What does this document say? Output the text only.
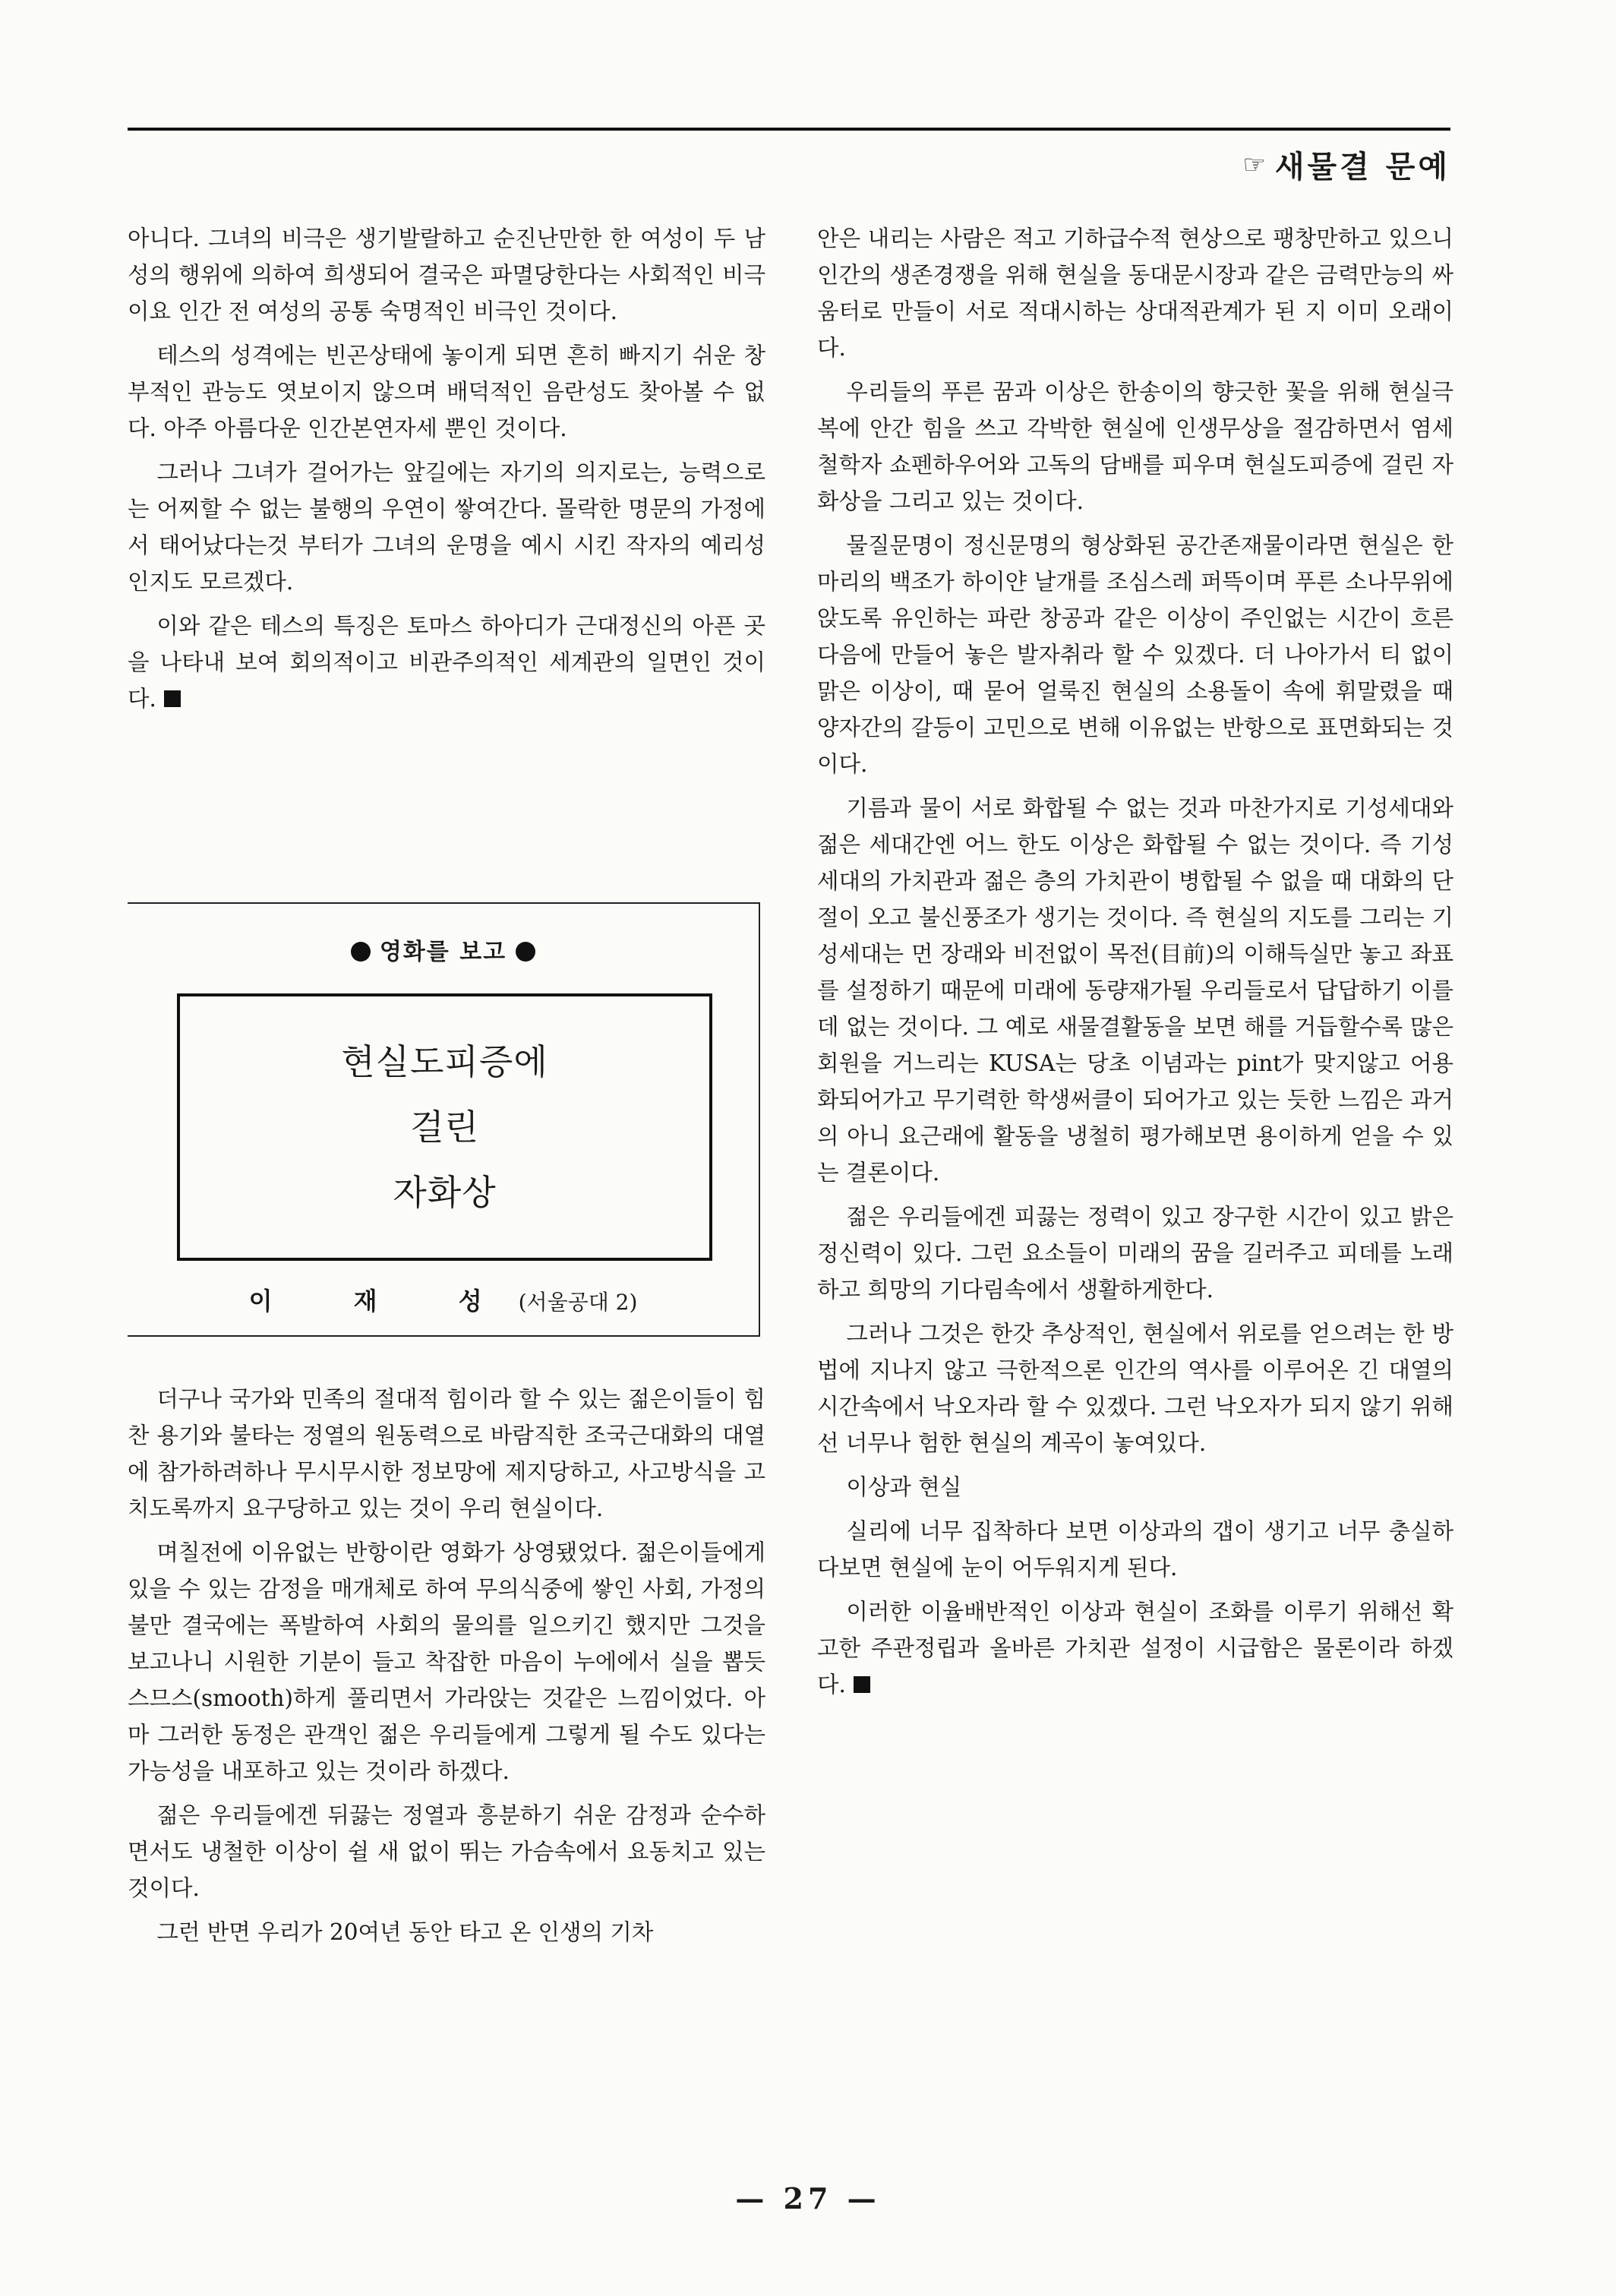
☞ 새물결 문예

아니다. 그녀의 비극은 생기발랄하고 순진난만한 한 여성이 두 남성의 행위에 의하여 희생되어 결국은 파멸당한다는 사회적인 비극이요 인간 전 여성의 공통 숙명적인 비극인 것이다.

테스의 성격에는 빈곤상태에 놓이게 되면 흔히 빠지기 쉬운 창부적인 관능도 엿보이지 않으며 배덕적인 음란성도 찾아볼 수 없다. 아주 아름다운 인간본연자세 뿐인 것이다.

그러나 그녀가 걸어가는 앞길에는 자기의 의지로는, 능력으로는 어찌할 수 없는 불행의 우연이 쌓여간다. 몰락한 명문의 가정에서 태어났다는것 부터가 그녀의 운명을 예시 시킨 작자의 예리성 인지도 모르겠다.

이와 같은 테스의 특징은 토마스 하아디가 근대정신의 아픈 곳을 나타내 보여 회의적이고 비관주의적인 세계관의 일면인 것이다.

영화를 보고
현실도피증에
걸린
자화상
이 재 성(서울공대 2)

더구나 국가와 민족의 절대적 힘이라 할 수 있는 젊은이들이 힘찬 용기와 불타는 정열의 원동력으로 바람직한 조국근대화의 대열에 참가하려하나 무시무시한 정보망에 제지당하고, 사고방식을 고치도록까지 요구당하고 있는 것이 우리 현실이다.

며칠전에 이유없는 반항이란 영화가 상영됐었다. 젊은이들에게 있을 수 있는 감정을 매개체로 하여 무의식중에 쌓인 사회, 가정의 불만 결국에는 폭발하여 사회의 물의를 일으키긴 했지만 그것을 보고나니 시원한 기분이 들고 착잡한 마음이 누에에서 실을 뽑듯 스므스(smooth)하게 풀리면서 가라앉는 것같은 느낌이었다. 아마 그러한 동정은 관객인 젊은 우리들에게 그렇게 될 수도 있다는 가능성을 내포하고 있는 것이라 하겠다.

젊은 우리들에겐 뒤끓는 정열과 흥분하기 쉬운 감정과 순수하면서도 냉철한 이상이 쉴 새 없이 뛰는 가슴속에서 요동치고 있는 것이다.

그런 반면 우리가 20여년 동안 타고 온 인생의 기차

안은 내리는 사람은 적고 기하급수적 현상으로 팽창만하고 있으니 인간의 생존경쟁을 위해 현실을 동대문시장과 같은 금력만능의 싸움터로 만들이 서로 적대시하는 상대적관계가 된 지 이미 오래이다.

우리들의 푸른 꿈과 이상은 한송이의 향긋한 꽃을 위해 현실극복에 안간 힘을 쓰고 각박한 현실에 인생무상을 절감하면서 염세철학자 쇼펜하우어와 고독의 담배를 피우며 현실도피증에 걸린 자화상을 그리고 있는 것이다.

물질문명이 정신문명의 형상화된 공간존재물이라면 현실은 한마리의 백조가 하이얀 날개를 조심스레 퍼뜩이며 푸른 소나무위에 앉도록 유인하는 파란 창공과 같은 이상이 주인없는 시간이 흐른 다음에 만들어 놓은 발자취라 할 수 있겠다. 더 나아가서 티 없이 맑은 이상이, 때 묻어 얼룩진 현실의 소용돌이 속에 휘말렸을 때 양자간의 갈등이 고민으로 변해 이유없는 반항으로 표면화되는 것이다.

기름과 물이 서로 화합될 수 없는 것과 마찬가지로 기성세대와 젊은 세대간엔 어느 한도 이상은 화합될 수 없는 것이다. 즉 기성세대의 가치관과 젊은 층의 가치관이 병합될 수 없을 때 대화의 단절이 오고 불신풍조가 생기는 것이다. 즉 현실의 지도를 그리는 기성세대는 먼 장래와 비전없이 목전(目前)의 이해득실만 놓고 좌표를 설정하기 때문에 미래에 동량재가될 우리들로서 답답하기 이를 데 없는 것이다. 그 예로 새물결활동을 보면 해를 거듭할수록 많은 회원을 거느리는 KUSA는 당초 이념과는 pint가 맞지않고 어용화되어가고 무기력한 학생써클이 되어가고 있는 듯한 느낌은 과거의 아니 요근래에 활동을 냉철히 평가해보면 용이하게 얻을 수 있는 결론이다.

젊은 우리들에겐 피끓는 정력이 있고 장구한 시간이 있고 밝은 정신력이 있다. 그런 요소들이 미래의 꿈을 길러주고 피데를 노래하고 희망의 기다림속에서 생활하게한다.

그러나 그것은 한갓 추상적인, 현실에서 위로를 얻으려는 한 방법에 지나지 않고 극한적으론 인간의 역사를 이루어온 긴 대열의 시간속에서 낙오자라 할 수 있겠다. 그런 낙오자가 되지 않기 위해선 너무나 험한 현실의 계곡이 놓여있다.

이상과 현실

실리에 너무 집착하다 보면 이상과의 갭이 생기고 너무 충실하다보면 현실에 눈이 어두워지게 된다.

이러한 이율배반적인 이상과 현실이 조화를 이루기 위해선 확고한 주관정립과 올바른 가치관 설정이 시급함은 물론이라 하겠다.

— 27 —
